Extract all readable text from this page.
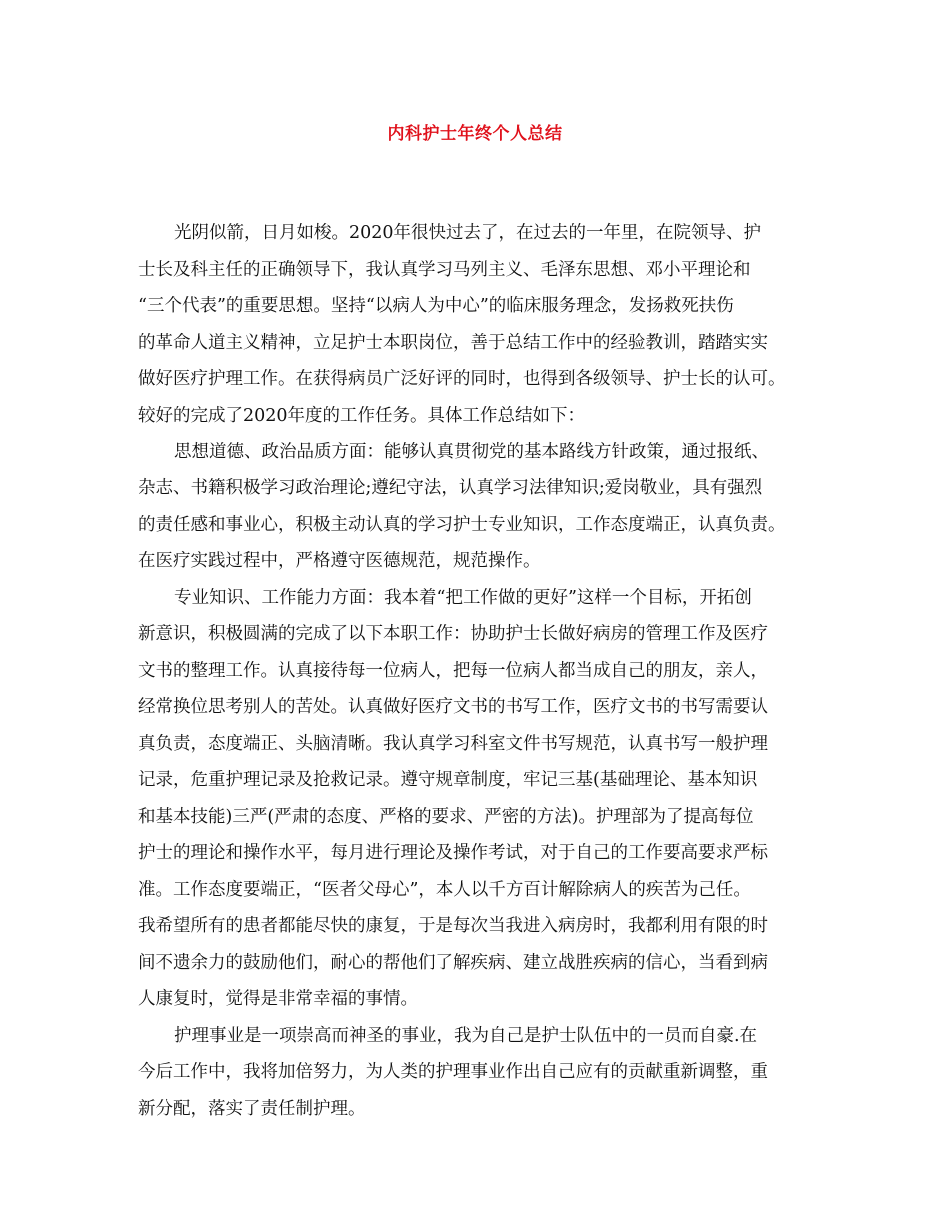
内科护士年终个人总结
光阴似箭，日月如梭。2020年很快过去了，在过去的一年里，在院领导、护
士长及科主任的正确领导下，我认真学习马列主义、毛泽东思想、邓小平理论和
“三个代表”的重要思想。坚持“以病人为中心”的临床服务理念，发扬救死扶伤
的革命人道主义精神，立足护士本职岗位，善于总结工作中的经验教训，踏踏实实
做好医疗护理工作。在获得病员广泛好评的同时，也得到各级领导、护士长的认可。
较好的完成了2020年度的工作任务。具体工作总结如下：
思想道德、政治品质方面：能够认真贯彻党的基本路线方针政策，通过报纸、
杂志、书籍积极学习政治理论;遵纪守法，认真学习法律知识;爱岗敬业，具有强烈
的责任感和事业心，积极主动认真的学习护士专业知识，工作态度端正，认真负责。
在医疗实践过程中，严格遵守医德规范，规范操作。
专业知识、工作能力方面：我本着“把工作做的更好”这样一个目标，开拓创
新意识，积极圆满的完成了以下本职工作：协助护士长做好病房的管理工作及医疗
文书的整理工作。认真接待每一位病人，把每一位病人都当成自己的朋友，亲人，
经常换位思考别人的苦处。认真做好医疗文书的书写工作，医疗文书的书写需要认
真负责，态度端正、头脑清晰。我认真学习科室文件书写规范，认真书写一般护理
记录，危重护理记录及抢救记录。遵守规章制度，牢记三基(基础理论、基本知识
和基本技能)三严(严肃的态度、严格的要求、严密的方法)。护理部为了提高每位
护士的理论和操作水平，每月进行理论及操作考试，对于自己的工作要高要求严标
准。工作态度要端正，“医者父母心”，本人以千方百计解除病人的疾苦为己任。
我希望所有的患者都能尽快的康复，于是每次当我进入病房时，我都利用有限的时
间不遗余力的鼓励他们，耐心的帮他们了解疾病、建立战胜疾病的信心，当看到病
人康复时，觉得是非常幸福的事情。
护理事业是一项崇高而神圣的事业，我为自己是护士队伍中的一员而自豪.在
今后工作中，我将加倍努力，为人类的护理事业作出自己应有的贡献重新调整，重
新分配，落实了责任制护理。
